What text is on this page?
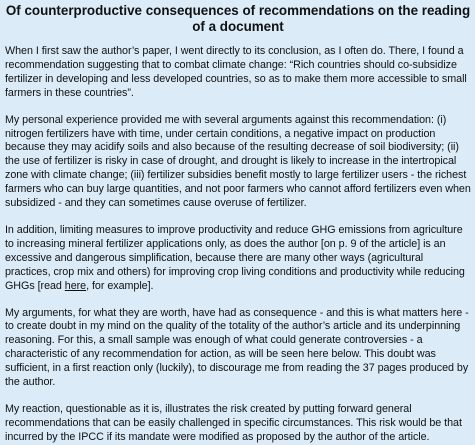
Of counterproductive consequences of recommendations on the reading of a document

When I first saw the author’s paper, I went directly to its conclusion, as I often do. There, I found a recommendation suggesting that to combat climate change: “Rich countries should co-subsidize fertilizer in developing and less developed countries, so as to make them more accessible to small farmers in these countries”.

My personal experience provided me with several arguments against this recommendation: (i) nitrogen fertilizers have with time, under certain conditions, a negative impact on production because they may acidify soils and also because of the resulting decrease of soil biodiversity; (ii) the use of fertilizer is risky in case of drought, and drought is likely to increase in the intertropical zone with climate change; (iii) fertilizer subsidies benefit mostly to large fertilizer users - the richest farmers who can buy large quantities, and not poor farmers who cannot afford fertilizers even when subsidized - and they can sometimes cause overuse of fertilizer.

In addition, limiting measures to improve productivity and reduce GHG emissions from agriculture to increasing mineral fertilizer applications only, as does the author [on p. 9 of the article] is an excessive and dangerous simplification, because there are many other ways (agricultural practices, crop mix and others) for improving crop living conditions and productivity while reducing GHGs [read here, for example].

My arguments, for what they are worth, have had as consequence - and this is what matters here - to create doubt in my mind on the quality of the totality of the author’s article and its underpinning reasoning. For this, a small sample was enough of what could generate controversies - a characteristic of any recommendation for action, as will be seen here below. This doubt was sufficient, in a first reaction only (luckily), to discourage me from reading the 37 pages produced by the author.

My reaction, questionable as it is, illustrates the risk created by putting forward general recommendations that can be easily challenged in specific circumstances. This risk would be that incurred by the IPCC if its mandate were modified as proposed by the author of the article.
